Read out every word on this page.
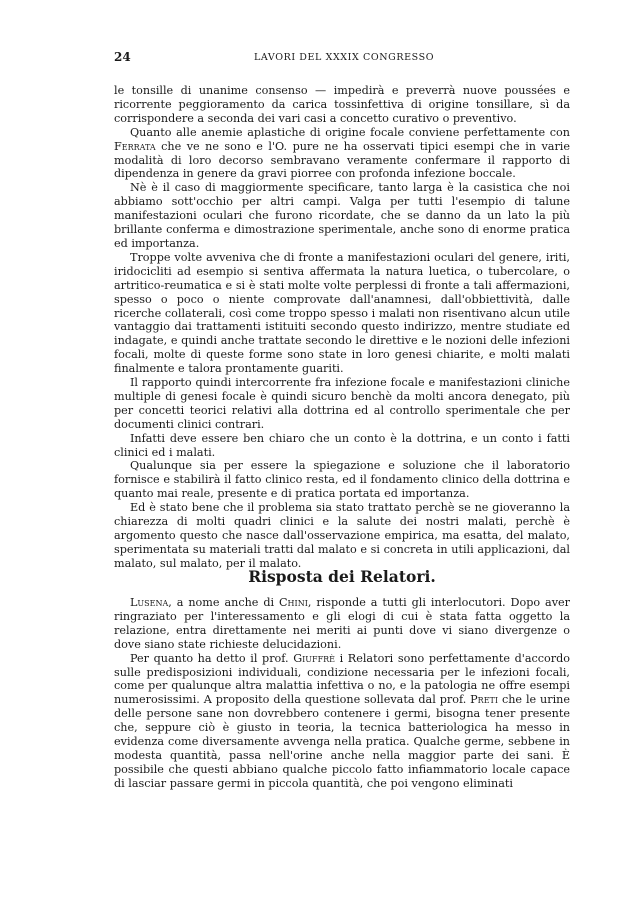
24	LAVORI DEL XXXIX CONGRESSO

le tonsille di unanime consenso — impedirà e preverrà nuove poussées e ricorrente peggioramento da carica tossinfettiva di origine tonsillare, sì da corrispondere a seconda dei vari casi a concetto curativo o preventivo.

Quanto alle anemie aplastiche di origine focale conviene perfettamente con Ferrata che ve ne sono e l'O. pure ne ha osservati tipici esempi che in varie modalità di loro decorso sembravano veramente confermare il rapporto di dipendenza in genere da gravi piorree con profonda infezione boccale.

Nè è il caso di maggiormente specificare, tanto larga è la casistica che noi abbiamo sott'occhio per altri campi. Valga per tutti l'esempio di talune manifestazioni oculari che furono ricordate, che se danno da un lato la più brillante conferma e dimostrazione sperimentale, anche sono di enorme pratica ed importanza.

Troppe volte avveniva che di fronte a manifestazioni oculari del genere, iriti, iridocicliti ad esempio si sentiva affermata la natura luetica, o tubercolare, o artritico-reumatica e si è stati molte volte perplessi di fronte a tali affermazioni, spesso o poco o niente comprovate dall'anamnesi, dall'obbiettività, dalle ricerche collaterali, così come troppo spesso i malati non risentivano alcun utile vantaggio dai trattamenti istituiti secondo questo indirizzo, mentre studiate ed indagate, e quindi anche trattate secondo le direttive e le nozioni delle infezioni focali, molte di queste forme sono state in loro genesi chiarite, e molti malati finalmente e talora prontamente guariti.

Il rapporto quindi intercorrente fra infezione focale e manifestazioni cliniche multiple di genesi focale è quindi sicuro benchè da molti ancora denegato, più per concetti teorici relativi alla dottrina ed al controllo sperimentale che per documenti clinici contrari.

Infatti deve essere ben chiaro che un conto è la dottrina, e un conto i fatti clinici ed i malati.

Qualunque sia per essere la spiegazione e soluzione che il laboratorio fornisce e stabilirà il fatto clinico resta, ed il fondamento clinico della dottrina e quanto mai reale, presente e di pratica portata ed importanza.

Ed è stato bene che il problema sia stato trattato perchè se ne gioveranno la chiarezza di molti quadri clinici e la salute dei nostri malati, perchè è argomento questo che nasce dall'osservazione empirica, ma esatta, del malato, sperimentata su materiali tratti dal malato e si concreta in utili applicazioni, dal malato, sul malato, per il malato.

Risposta dei Relatori.

Lusena, a nome anche di Chini, risponde a tutti gli interlocutori. Dopo aver ringraziato per l'interessamento e gli elogi di cui è stata fatta oggetto la relazione, entra direttamente nei meriti ai punti dove vi siano divergenze o dove siano state richieste delucidazioni.

Per quanto ha detto il prof. Giuffrè i Relatori sono perfettamente d'accordo sulle predisposizioni individuali, condizione necessaria per le infezioni focali, come per qualunque altra malattia infettiva o no, e la patologia ne offre esempi numerosissimi. A proposito della questione sollevata dal prof. Preti che le urine delle persone sane non dovrebbero contenere i germi, bisogna tener presente che, seppure ciò è giusto in teoria, la tecnica batteriologica ha messo in evidenza come diversamente avvenga nella pratica. Qualche germe, sebbene in modesta quantità, passa nell'orine anche nella maggior parte dei sani. È possibile che questi abbiano qualche piccolo fatto infiammatorio locale capace di lasciar passare germi in piccola quantità, che poi vengono eliminati
